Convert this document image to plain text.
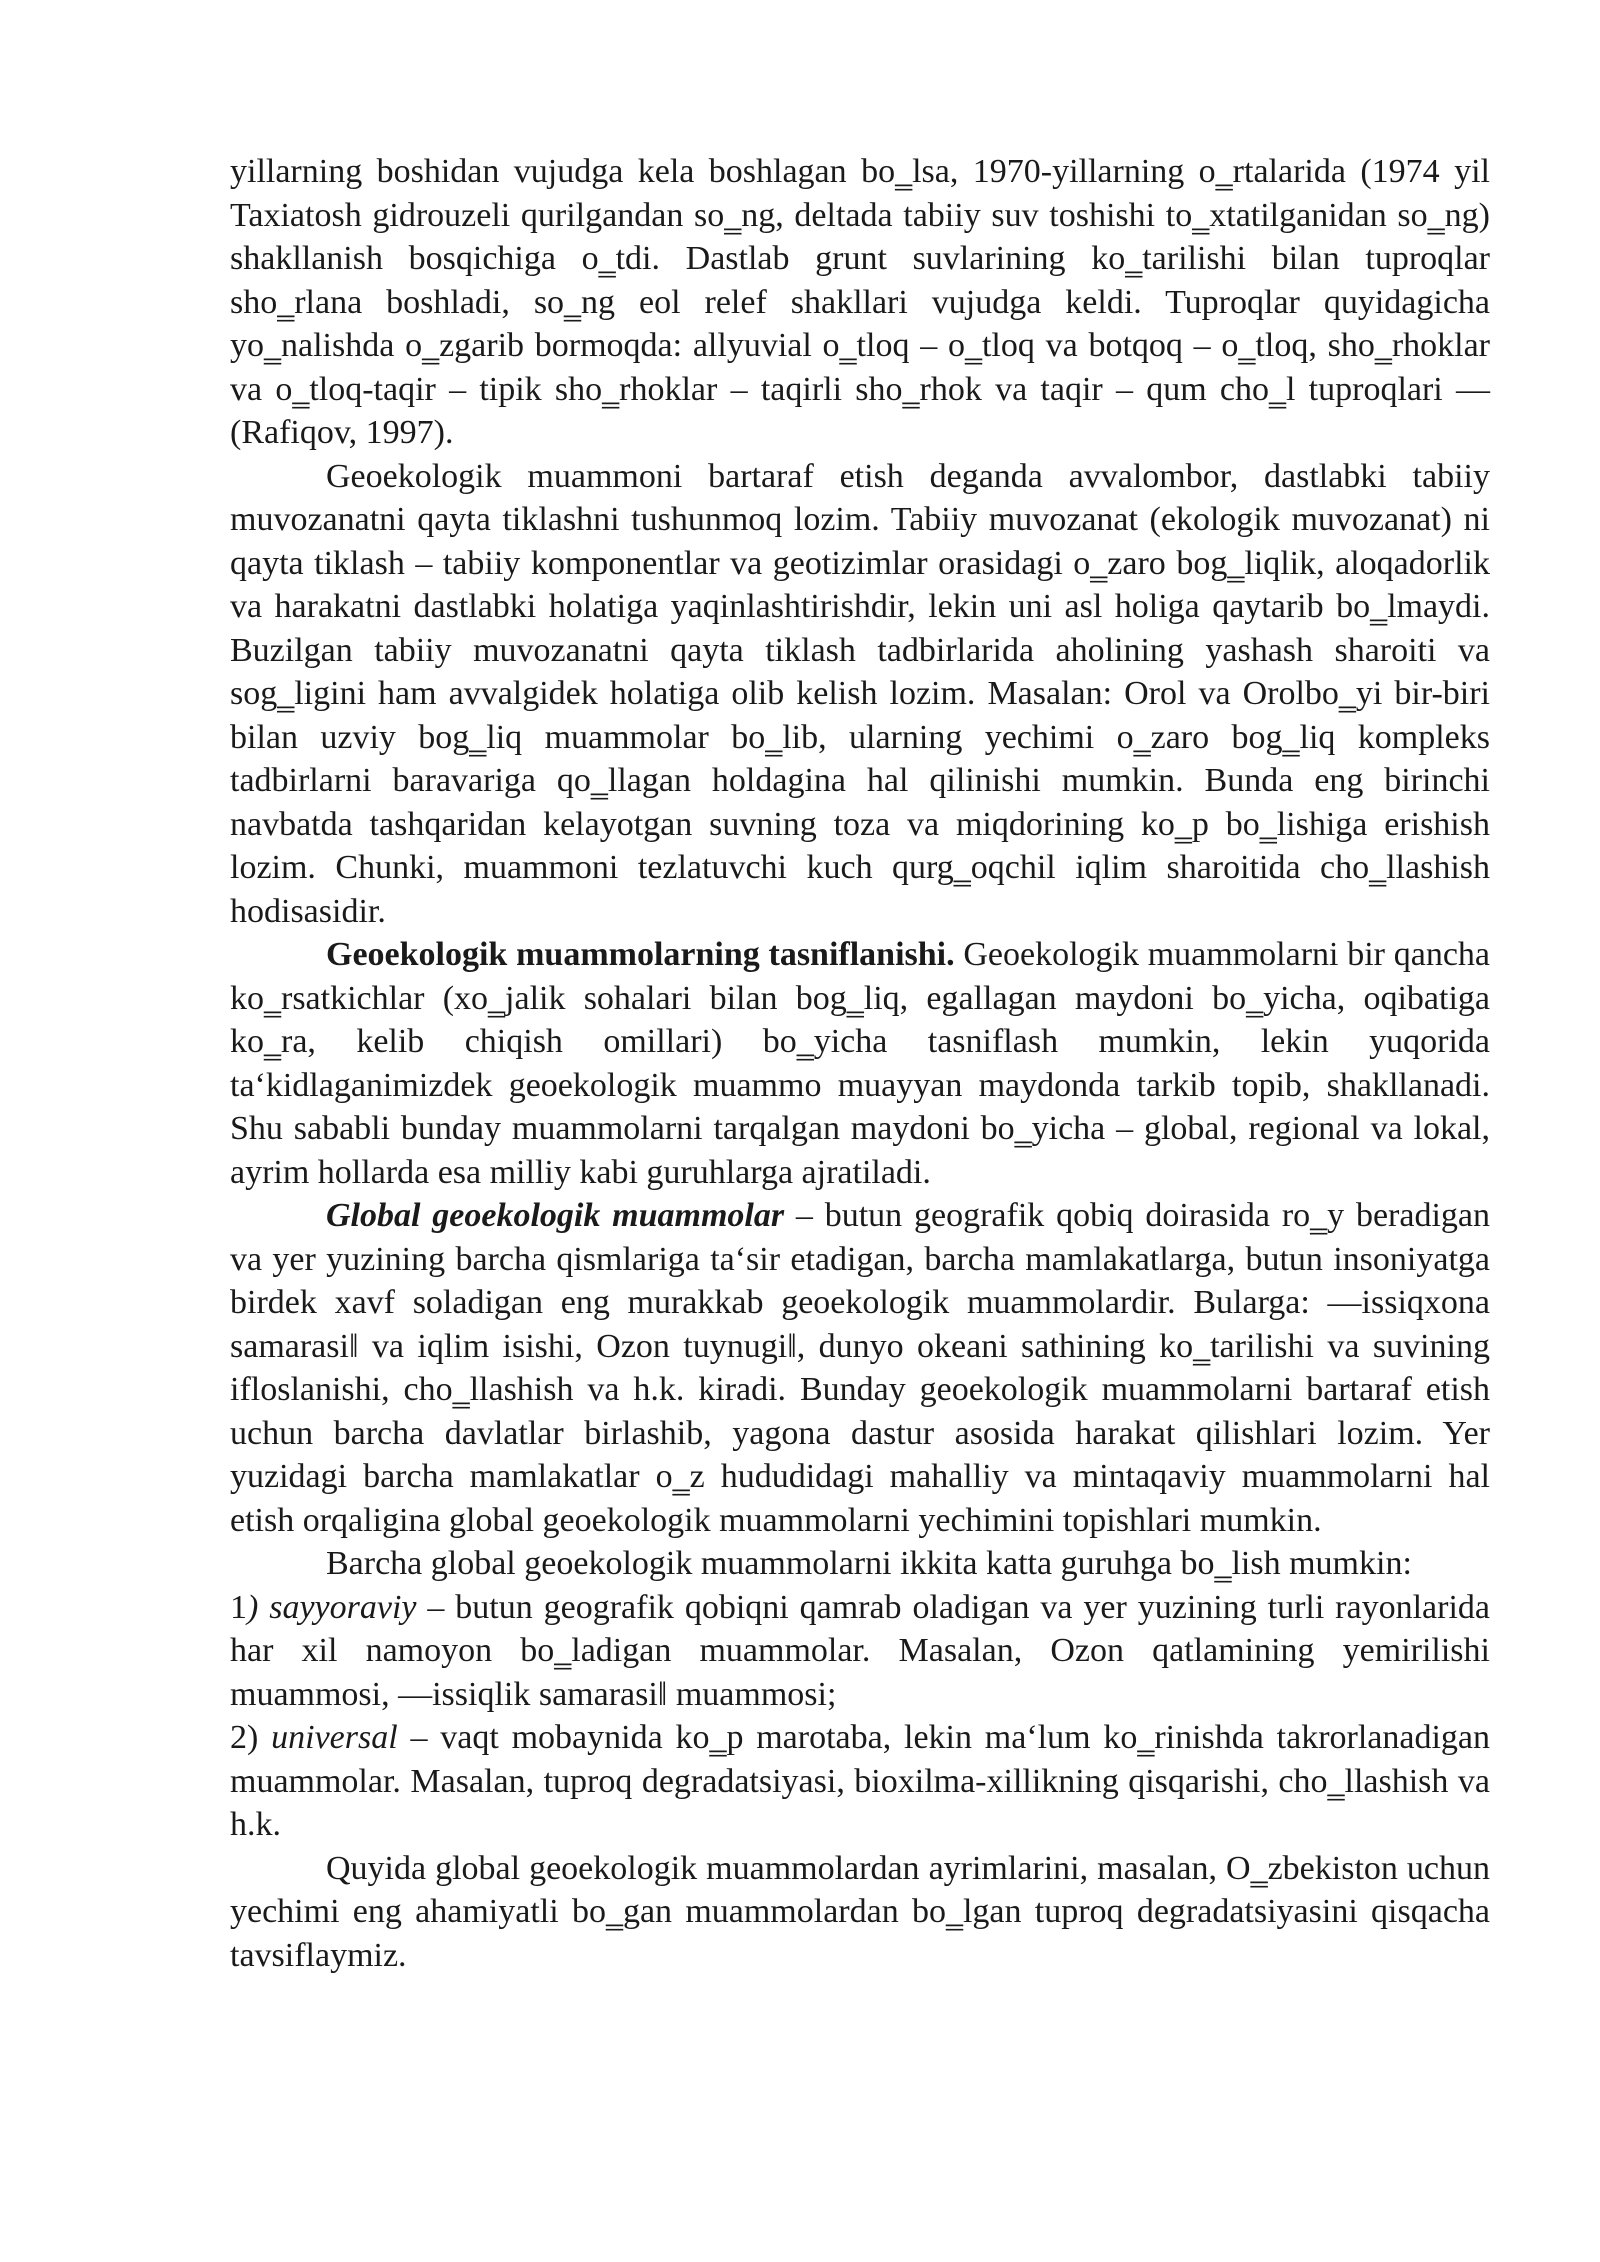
yillarning boshidan vujudga kela boshlagan bo‗lsa, 1970-yillarning o‗rtalarida (1974 yil Taxiatosh gidrouzeli qurilgandan so‗ng, deltada tabiiy suv toshishi to‗xtatilganidan so‗ng) shakllanish bosqichiga o‗tdi. Dastlab grunt suvlarining ko‗tarilishi bilan tuproqlar sho‗rlana boshladi, so‗ng eol relef shakllari vujudga keldi. Tuproqlar quyidagicha yo‗nalishda o‗zgarib bormoqda: allyuvial o‗tloq – o‗tloq va botqoq – o‗tloq, sho‗rhoklar va o‗tloq-taqir – tipik sho‗rhoklar – taqirli sho‗rhok va taqir – qum cho‗l tuproqlari ― (Rafiqov, 1997).

Geoekologik muammoni bartaraf etish deganda avvalombor, dastlabki tabiiy muvozanatni qayta tiklashni tushunmoq lozim. Tabiiy muvozanat (ekologik muvozanat) ni qayta tiklash – tabiiy komponentlar va geotizimlar orasidagi o‗zaro bog‗liqlik, aloqadorlik va harakatni dastlabki holatiga yaqinlashtirishdir, lekin uni asl holiga qaytarib bo‗lmaydi. Buzilgan tabiiy muvozanatni qayta tiklash tadbirlarida aholining yashash sharoiti va sog‗ligini ham avvalgidek holatiga olib kelish lozim. Masalan: Orol va Orolbo‗yi bir-biri bilan uzviy bog‗liq muammolar bo‗lib, ularning yechimi o‗zaro bog‗liq kompleks tadbirlarni baravariga qo‗llagan holdagina hal qilinishi mumkin. Bunda eng birinchi navbatda tashqaridan kelayotgan suvning toza va miqdorining ko‗p bo‗lishiga erishish lozim. Chunki, muammoni tezlatuvchi kuch qurg‗oqchil iqlim sharoitida cho‗llashish hodisasidir.

Geoekologik muammolarning tasniflanishi. Geoekologik muammolarni bir qancha ko‗rsatkichlar (xo‗jalik sohalari bilan bog‗liq, egallagan maydoni bo‗yicha, oqibatiga ko‗ra, kelib chiqish omillari) bo‗yicha tasniflash mumkin, lekin yuqorida ta‘kidlaganimizdek geoekologik muammo muayyan maydonda tarkib topib, shakllanadi. Shu sababli bunday muammolarni tarqalgan maydoni bo‗yicha – global, regional va lokal, ayrim hollarda esa milliy kabi guruhlarga ajratiladi.

Global geoekologik muammolar – butun geografik qobiq doirasida ro‗y beradigan va yer yuzining barcha qismlariga ta‘sir etadigan, barcha mamlakatlarga, butun insoniyatga birdek xavf soladigan eng murakkab geoekologik muammolardir. Bularga: ―issiqxona samarasi‖ va iqlim isishi, Ozon tuynugi‖, dunyo okeani sathining ko‗tarilishi va suvining ifloslanishi, cho‗llashish va h.k. kiradi. Bunday geoekologik muammolarni bartaraf etish uchun barcha davlatlar birlashib, yagona dastur asosida harakat qilishlari lozim. Yer yuzidagi barcha mamlakatlar o‗z hududidagi mahalliy va mintaqaviy muammolarni hal etish orqaligina global geoekologik muammolarni yechimini topishlari mumkin.

Barcha global geoekologik muammolarni ikkita katta guruhga bo‗lish mumkin:

1) sayyoraviy – butun geografik qobiqni qamrab oladigan va yer yuzining turli rayonlarida har xil namoyon bo‗ladigan muammolar. Masalan, Ozon qatlamining yemirilishi muammosi, ―issiqlik samarasi‖ muammosi;

2) universal – vaqt mobaynida ko‗p marotaba, lekin ma‘lum ko‗rinishda takrorlanadigan muammolar. Masalan, tuproq degradatsiyasi, bioxilma-xillikning qisqarishi, cho‗llashish va h.k.

Quyida global geoekologik muammolardan ayrimlarini, masalan, O‗zbekiston uchun yechimi eng ahamiyatli bo‗gan muammolardan bo‗lgan tuproq degradatsiyasini qisqacha tavsiflaymiz.
